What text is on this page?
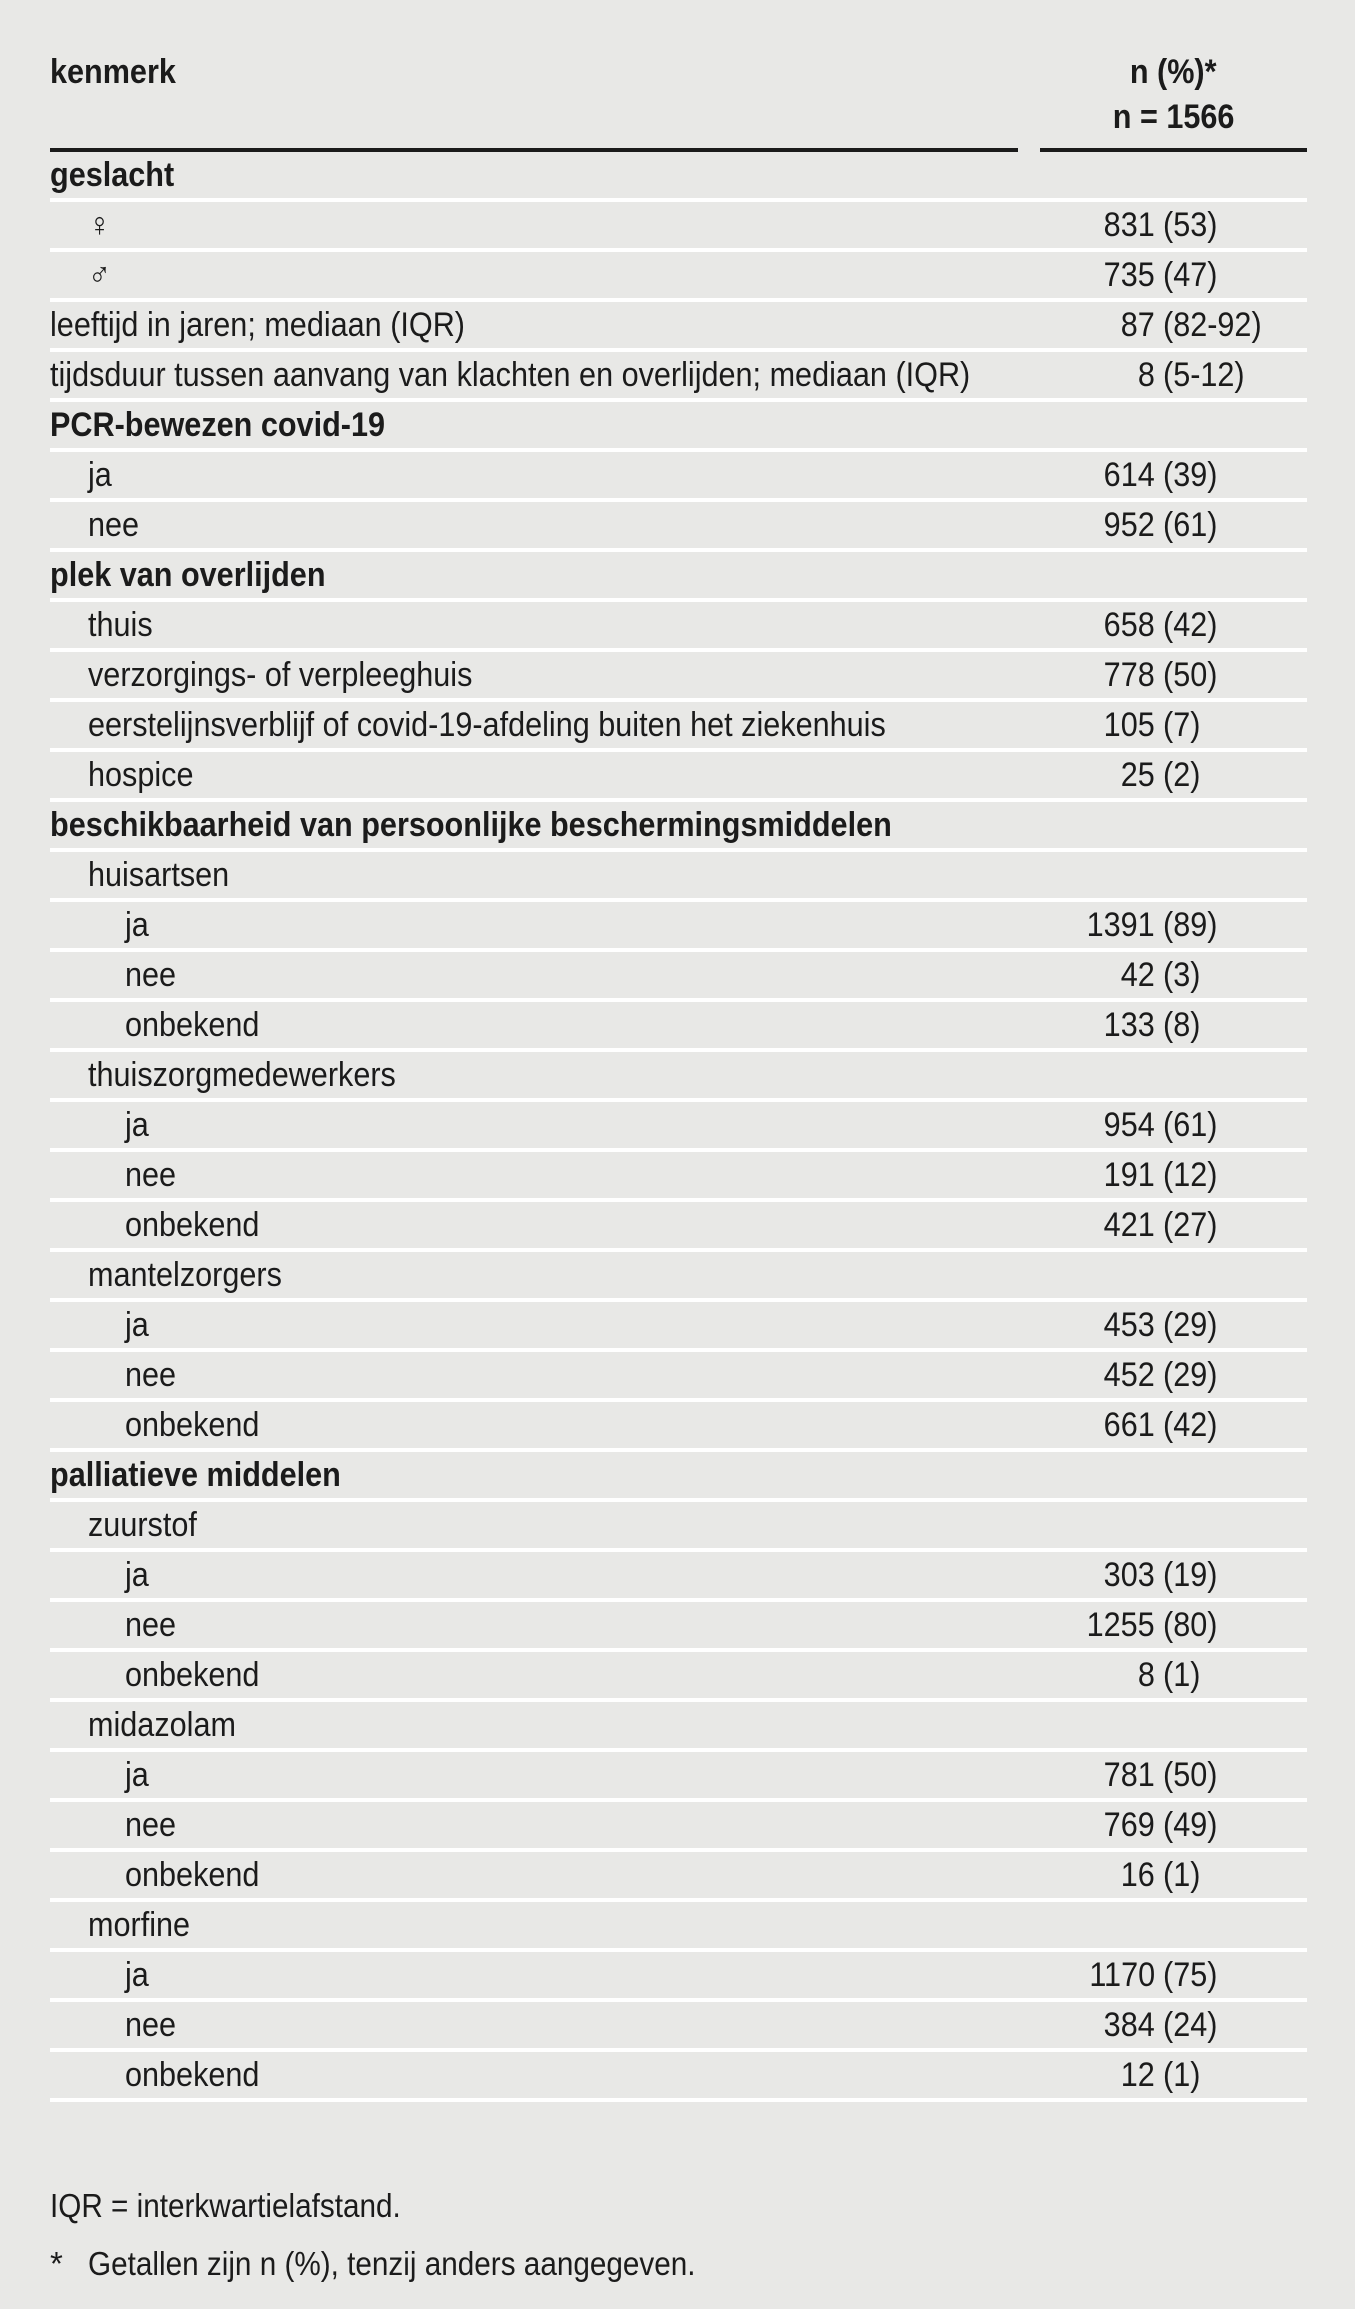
kenmerk	n (%)*
n = 1566
geslacht
♀	831 (53)
♂	735 (47)
leeftijd in jaren; mediaan (IQR)	87 (82-92)
tijdsduur tussen aanvang van klachten en overlijden; mediaan (IQR)	8 (5-12)
PCR-bewezen covid-19
ja	614 (39)
nee	952 (61)
plek van overlijden
thuis	658 (42)
verzorgings- of verpleeghuis	778 (50)
eerstelijnsverblijf of covid-19-afdeling buiten het ziekenhuis	105 (7)
hospice	25 (2)
beschikbaarheid van persoonlijke beschermingsmiddelen
huisartsen
ja	1391 (89)
nee	42 (3)
onbekend	133 (8)
thuiszorgmedewerkers
ja	954 (61)
nee	191 (12)
onbekend	421 (27)
mantelzorgers
ja	453 (29)
nee	452 (29)
onbekend	661 (42)
palliatieve middelen
zuurstof
ja	303 (19)
nee	1255 (80)
onbekend	8 (1)
midazolam
ja	781 (50)
nee	769 (49)
onbekend	16 (1)
morfine
ja	1170 (75)
nee	384 (24)
onbekend	12 (1)
IQR = interkwartielafstand.
* Getallen zijn n (%), tenzij anders aangegeven.
